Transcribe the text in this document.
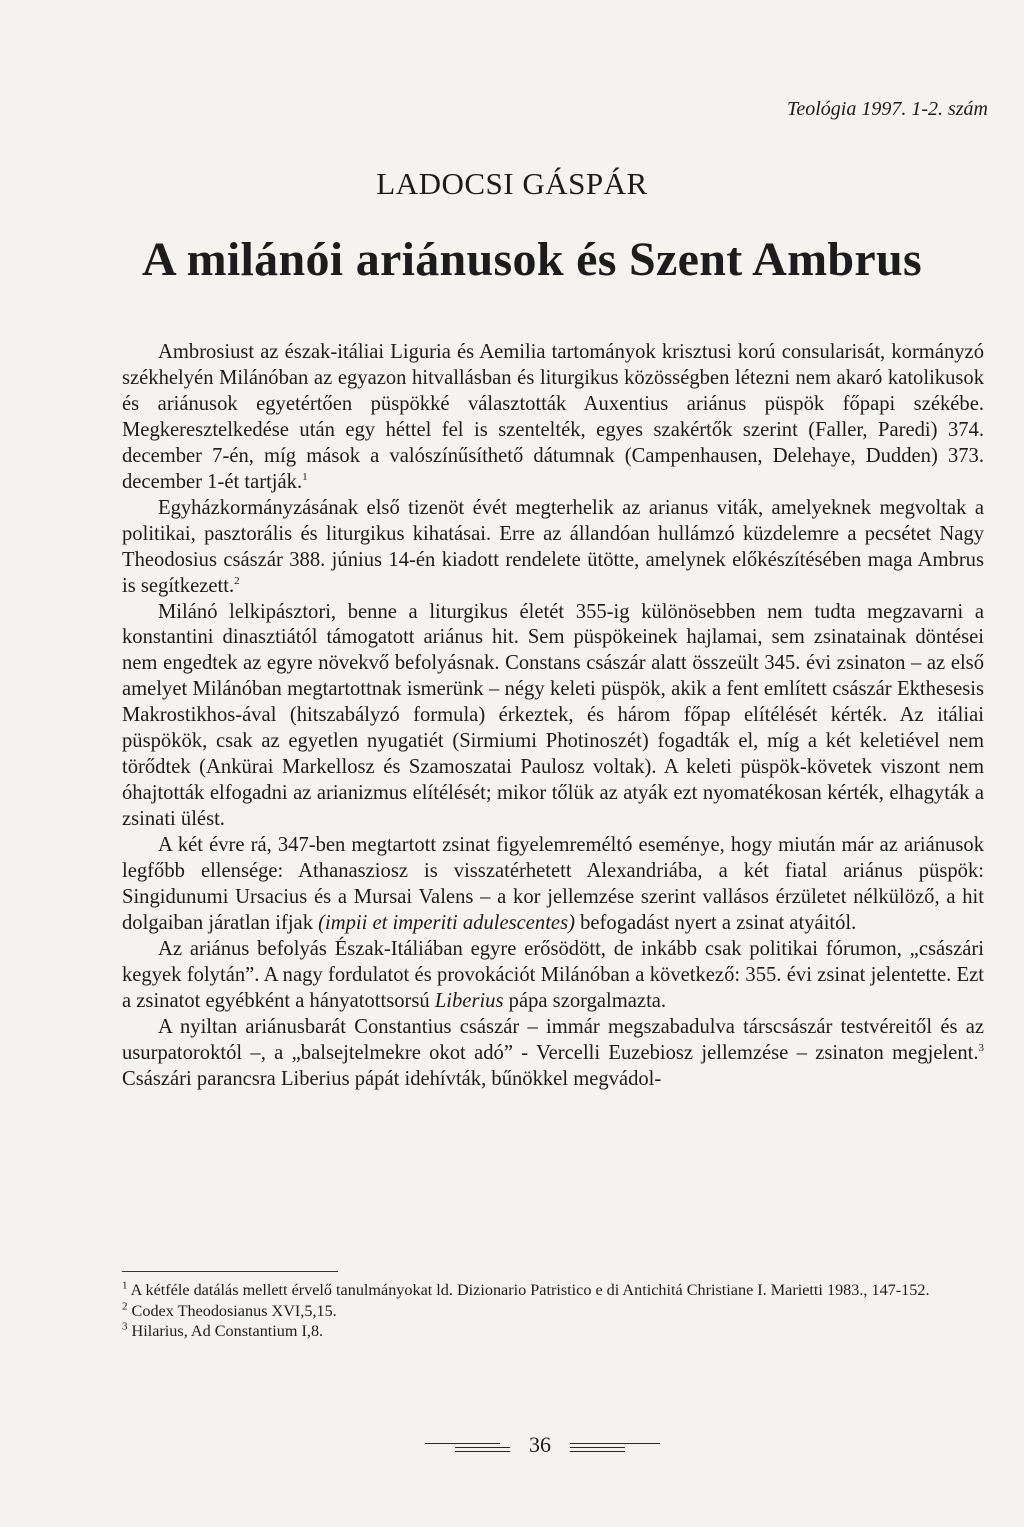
Teológia 1997. 1-2. szám
LADOCSI GÁSPÁR
A milánói ariánusok és Szent Ambrus

Ambrosiust az észak-itáliai Liguria és Aemilia tartományok krisztusi korú consularisát, kormányzó székhelyén Milánóban az egyazon hitvallásban és liturgikus közösségben létezni nem akaró katolikusok és ariánusok egyetértően püspökké választották Auxentius ariánus püspök főpapi székébe. Megkeresztelkedése után egy héttel fel is szentelték, egyes szakértők szerint (Faller, Paredi) 374. december 7-én, míg mások a valószínűsíthető dátumnak (Campenhausen, Delehaye, Dudden) 373. december 1-ét tartják.$^1$

Egyházkormányzásának első tizenöt évét megterhelik az arianus viták, amelyeknek megvoltak a politikai, pasztorális és liturgikus kihatásai. Erre az állandóan hullámzó küzdelemre a pecsétet Nagy Theodosius császár 388. június 14-én kiadott rendelete ütötte, amelynek előkészítésében maga Ambrus is segítkezett.$^2$

Milánó lelkipásztori, benne a liturgikus életét 355-ig különösebben nem tudta megzavarni a konstantini dinasztiától támogatott ariánus hit. Sem püspökeinek hajlamai, sem zsinatainak döntései nem engedtek az egyre növekvő befolyásnak. Constans császár alatt összeült 345. évi zsinaton – az első amelyet Milánóban megtartottnak ismerünk – négy keleti püspök, akik a fent említett császár Ekthesesis Makrostikhos-ával (hitszabályzó formula) érkeztek, és három főpap elítélését kérték. Az itáliai püspökök, csak az egyetlen nyugatiét (Sirmiumi Photinoszét) fogadták el, míg a két keletiével nem törődtek (Ankürai Markellosz és Szamoszatai Paulosz voltak). A keleti püspök-követek viszont nem óhajtották elfogadni az arianizmus elítélését; mikor tőlük az atyák ezt nyomatékosan kérték, elhagyták a zsinati ülést.

A két évre rá, 347-ben megtartott zsinat figyelemreméltó eseménye, hogy miután már az ariánusok legfőbb ellensége: Athanasziosz is visszatérhetett Alexandriába, a két fiatal ariánus püspök: Singidunumi Ursacius és a Mursai Valens – a kor jellemzése szerint vallásos érzületet nélkülöző, a hit dolgaiban járatlan ifjak (impii et imperiti adulescentes) befogadást nyert a zsinat atyáitól.

Az ariánus befolyás Észak-Itáliában egyre erősödött, de inkább csak politikai fórumon, „császári kegyek folytán”. A nagy fordulatot és provokációt Milánóban a következő: 355. évi zsinat jelentette. Ezt a zsinatot egyébként a hányatottsorsú Liberius pápa szorgalmazta.

A nyiltan ariánusbarát Constantius császár – immár megszabadulva társcsászár testvéreitől és az usurpatoroktól –, a „balsejtelmekre okot adó” - Vercelli Euzebiosz jellemzése – zsinaton megjelent.$^3$ Császári parancsra Liberius pápát idehívták, bűnökkel megvádol-

$^1$ A kétféle datálás mellett érvelő tanulmányokat ld. Dizionario Patristico e di Antichitá Christiane I. Marietti 1983., 147-152.
$^2$ Codex Theodosianus XVI,5,15.
$^3$ Hilarius, Ad Constantium I,8.
36
